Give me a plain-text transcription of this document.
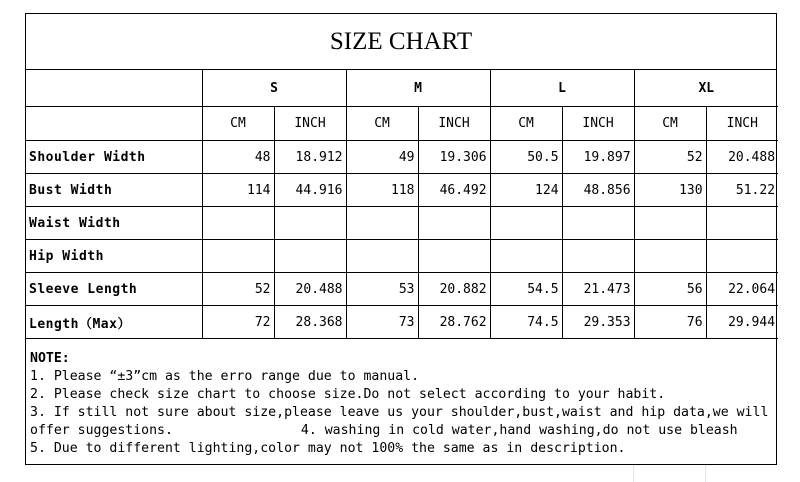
SIZE CHART
	S		M		L		XL	
	CM	INCH	CM	INCH	CM	INCH	CM	INCH
Shoulder Width	48	18.912	49	19.306	50.5	19.897	52	20.488
Bust Width	114	44.916	118	46.492	124	48.856	130	51.22
Waist Width								
Hip Width								
Sleeve Length	52	20.488	53	20.882	54.5	21.473	56	22.064
Length（Max）	72	28.368	73	28.762	74.5	29.353	76	29.944
NOTE:
1. Please “±3”cm as the erro range due to manual.
2. Please check size chart to choose size.Do not select according to your habit.
3. If still not sure about size,please leave us your shoulder,bust,waist and hip data,we will
offer suggestions.	4. washing in cold water,hand washing,do not use bleash
5. Due to different lighting,color may not 100% the same as in description.
